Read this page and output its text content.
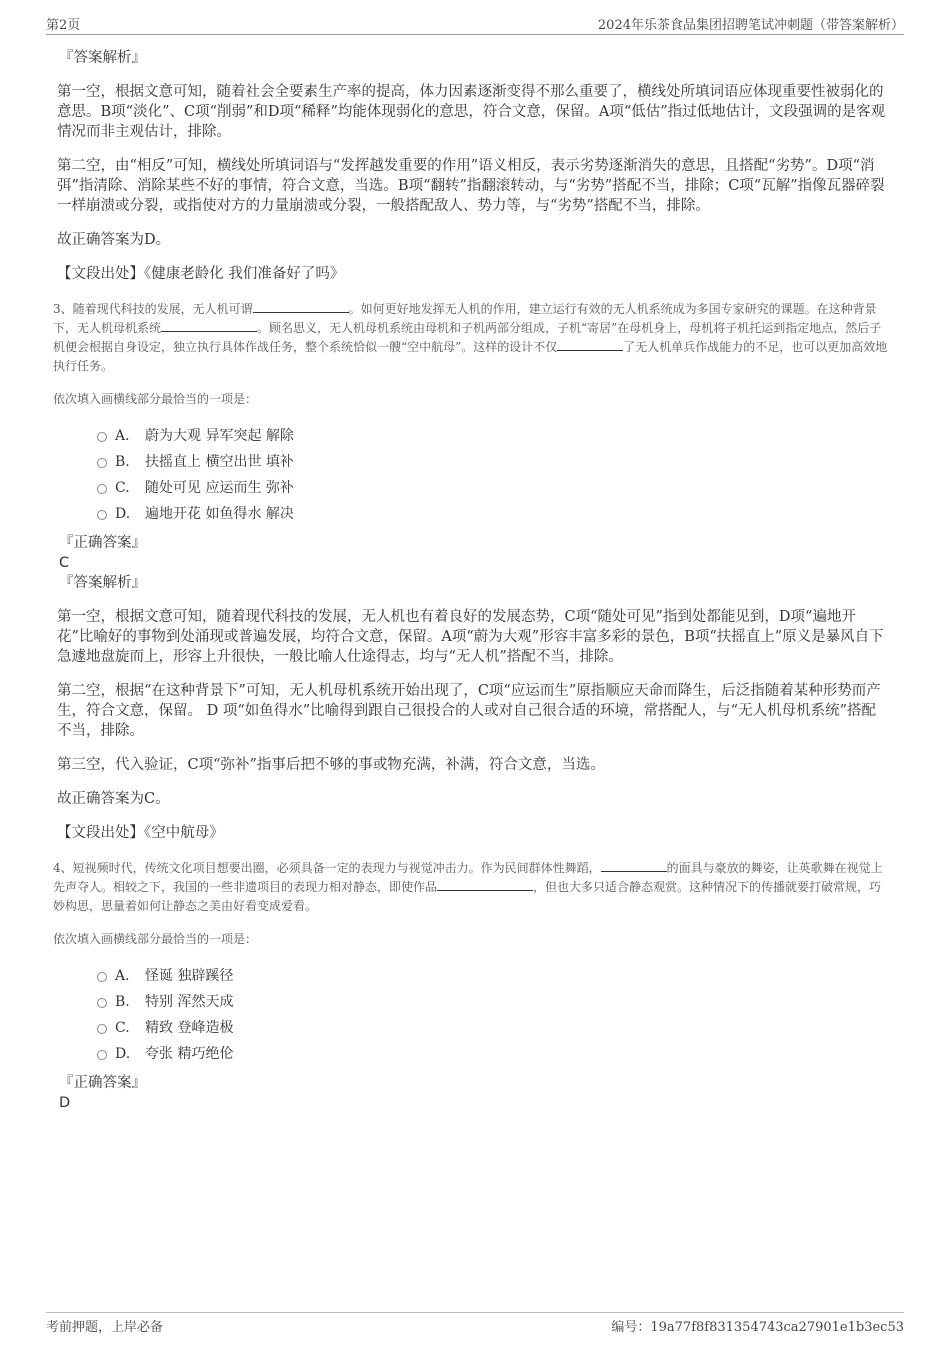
第2页	2024年乐茶食品集团招聘笔试冲刺题（带答案解析）

『答案解析』

第一空，根据文意可知，随着社会全要素生产率的提高，体力因素逐渐变得不那么重要了，横线处所填词语应体现重要性被弱化的意思。B项“淡化”、C项“削弱”和D项“稀释”均能体现弱化的意思，符合文意，保留。A项“低估”指过低地估计，文段强调的是客观情况而非主观估计，排除。

第二空，由“相反”可知，横线处所填词语与“发挥越发重要的作用”语义相反，表示劣势逐渐消失的意思，且搭配“劣势”。D项“消弭”指清除、消除某些不好的事情，符合文意，当选。B项“翻转”指翻滚转动，与“劣势”搭配不当，排除；C项“瓦解”指像瓦器碎裂一样崩溃或分裂，或指使对方的力量崩溃或分裂，一般搭配敌人、势力等，与“劣势”搭配不当，排除。

故正确答案为D。

【文段出处】《健康老龄化 我们准备好了吗》

3、随着现代科技的发展，无人机可谓	。如何更好地发挥无人机的作用，建立运行有效的无人机系统成为多国专家研究的课题。在这种背景下，无人机母机系统	。顾名思义，无人机母机系统由母机和子机两部分组成，子机“寄居”在母机身上，母机将子机托运到指定地点，然后子机便会根据自身设定，独立执行具体作战任务，整个系统恰似一艘“空中航母”。这样的设计不仅	了无人机单兵作战能力的不足，也可以更加高效地执行任务。

依次填入画横线部分最恰当的一项是：

A． 蔚为大观 异军突起 解除
B. 扶摇直上 横空出世 填补
C. 随处可见 应运而生 弥补
D. 遍地开花 如鱼得水 解决

『正确答案』

C

『答案解析』

第一空，根据文意可知，随着现代科技的发展，无人机也有着良好的发展态势，C项“随处可见”指到处都能见到，D项“遍地开花”比喻好的事物到处涌现或普遍发展，均符合文意，保留。A项“蔚为大观”形容丰富多彩的景色，B项“扶摇直上”原义是暴风自下急遽地盘旋而上，形容上升很快，一般比喻人仕途得志，均与“无人机”搭配不当，排除。

第二空，根据“在这种背景下”可知，无人机母机系统开始出现了，C项“应运而生”原指顺应天命而降生，后泛指随着某种形势而产生，符合文意，保留。 D 项“如鱼得水”比喻得到跟自己很投合的人或对自己很合适的环境，常搭配人，与“无人机母机系统”搭配不当，排除。

第三空，代入验证，C项“弥补”指事后把不够的事或物充满，补满，符合文意，当选。

故正确答案为C。

【文段出处】《空中航母》

4、短视频时代，传统文化项目想要出圈，必须具备一定的表现力与视觉冲击力。作为民间群体性舞蹈，	的面具与豪放的舞姿，让英歌舞在视觉上先声夺人。相较之下，我国的一些非遗项目的表现力相对静态，即使作品	，但也大多只适合静态观赏。这种情况下的传播就要打破常规，巧妙构思，思量着如何让静态之美由好看变成爱看。

依次填入画横线部分最恰当的一项是：

A． 怪诞 独辟蹊径
B. 特别 浑然天成
C. 精致 登峰造极
D. 夸张 精巧绝伦

『正确答案』

D

考前押题，上岸必备	编号：19a77f8f831354743ca27901e1b3ec53
